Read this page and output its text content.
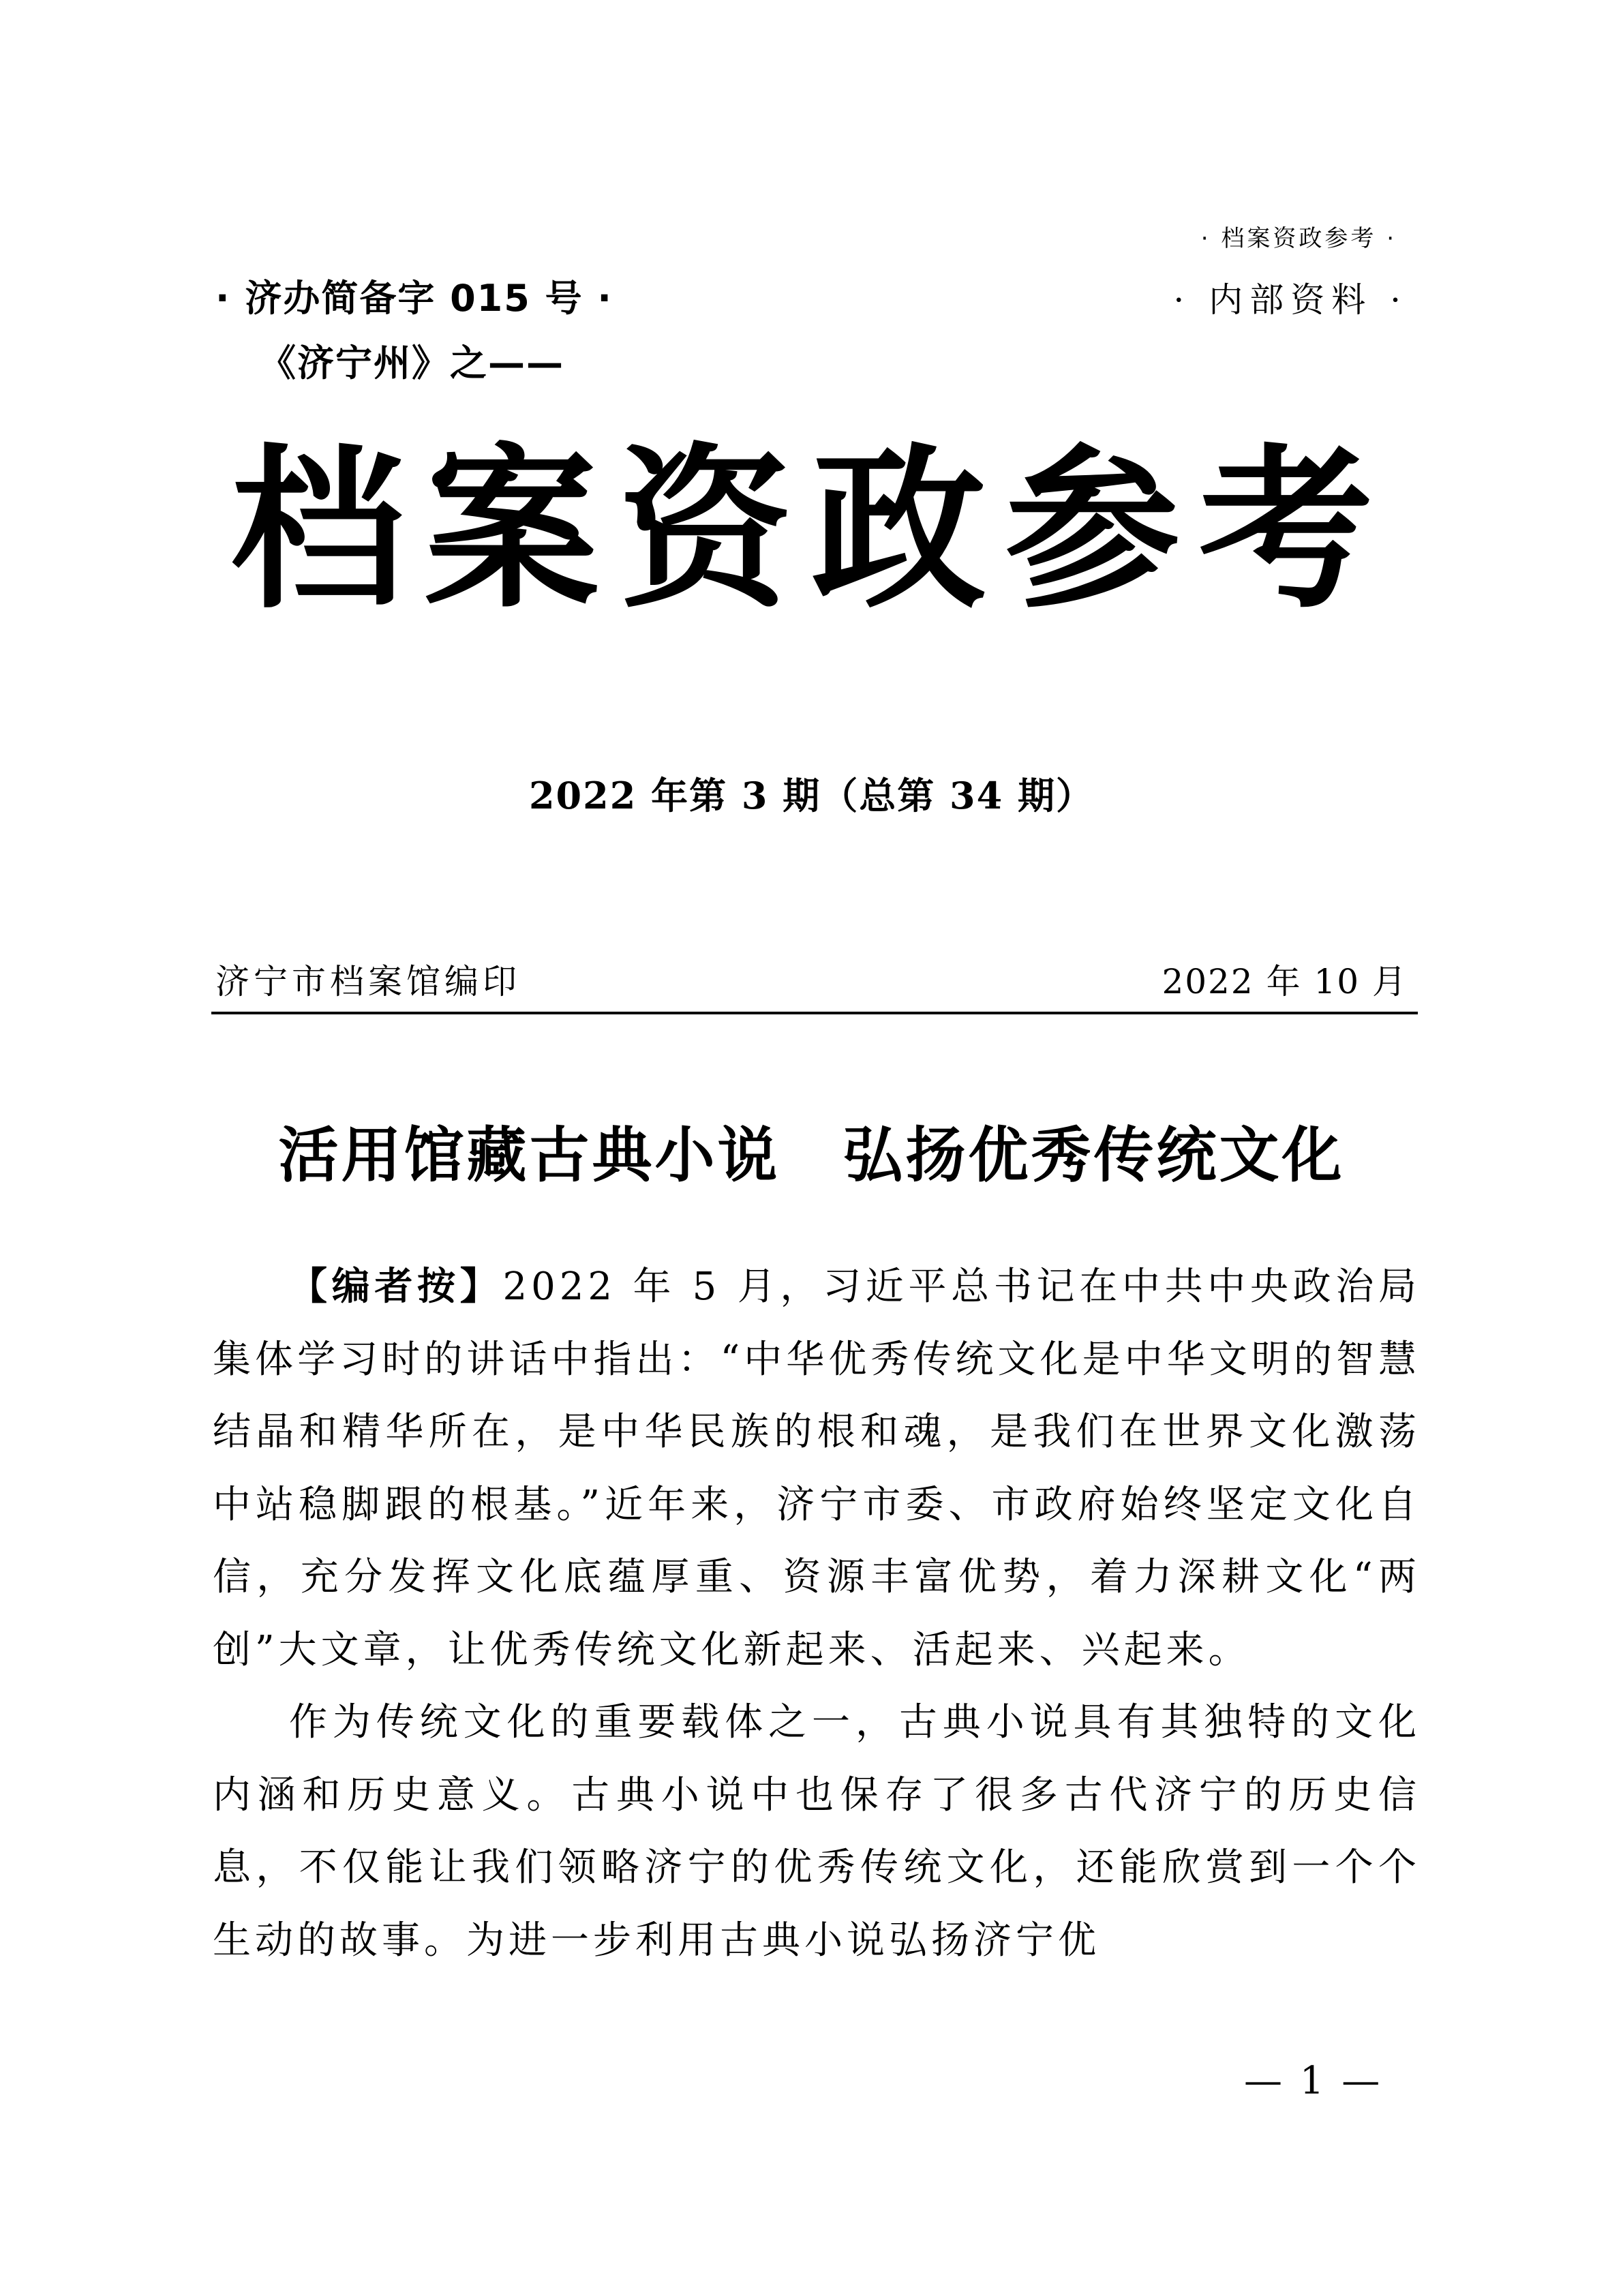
· 档案资政参考 ·
· 济办简备字 015 号 ·	· 内部资料 ·
《济宁州》之——
档案资政参考
2022 年第 3 期（总第 34 期）
济宁市档案馆编印	2022 年 10 月
活用馆藏古典小说　弘扬优秀传统文化

【编者按】2022 年 5 月，习近平总书记在中共中央政治局集体学习时的讲话中指出：“中华优秀传统文化是中华文明的智慧结晶和精华所在，是中华民族的根和魂，是我们在世界文化激荡中站稳脚跟的根基。”近年来，济宁市委、市政府始终坚定文化自信，充分发挥文化底蕴厚重、资源丰富优势，着力深耕文化“两创”大文章，让优秀传统文化新起来、活起来、兴起来。

作为传统文化的重要载体之一，古典小说具有其独特的文化内涵和历史意义。古典小说中也保存了很多古代济宁的历史信息，不仅能让我们领略济宁的优秀传统文化，还能欣赏到一个个生动的故事。为进一步利用古典小说弘扬济宁优

— 1 —
